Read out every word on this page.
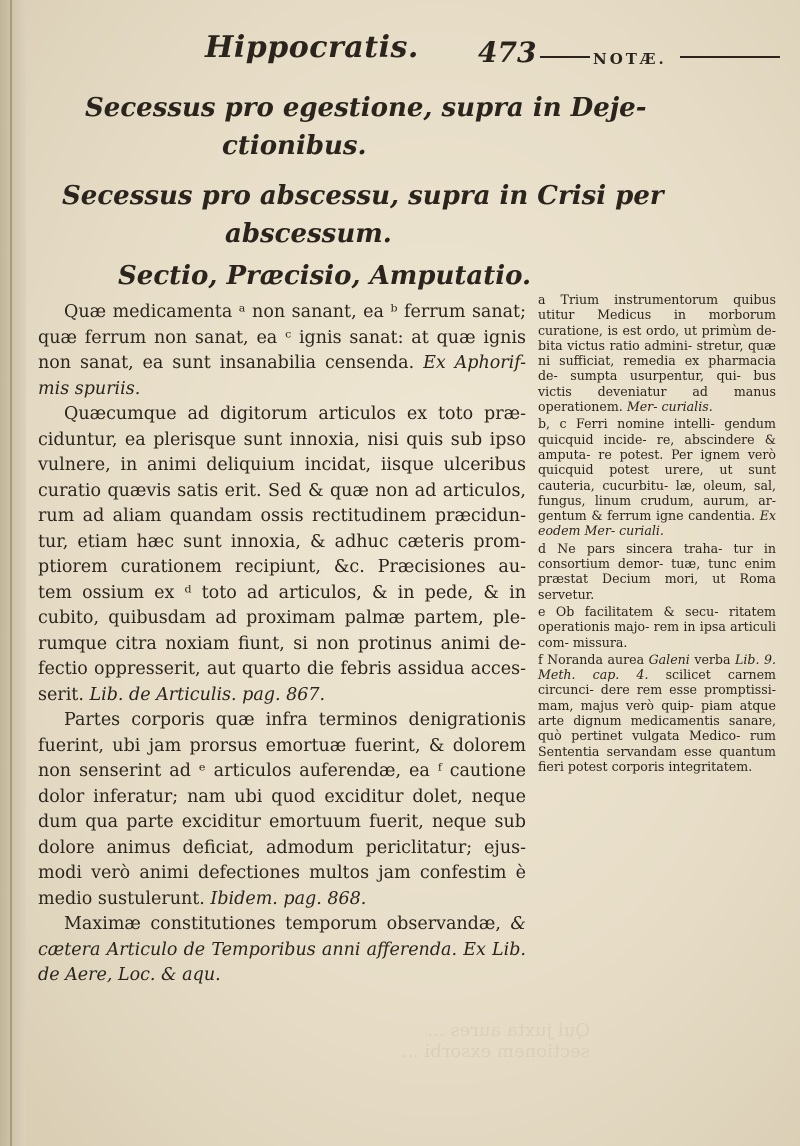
Hippocratis. 473	NOTÆ.
Secessus pro egestione, supra in Deje-
ctionibus.
Secessus pro abscessu, supra in Crisi per
abscessum.
Sectio, Præcisio, Amputatio.

Quæ medicamenta ᵃ non sanant, ea ᵇ ferrum sanat; quæ ferrum non sanat, ea ᶜ ignis sanat: at quæ ignis non sanat, ea sunt insanabilia censenda. Ex Aphorif- mis spuriis.

Quæcumque ad digitorum articulos ex toto præ- ciduntur, ea plerisque sunt innoxia, nisi quis sub ipso vulnere, in animi deliquium incidat, iisque ulceribus curatio quævis satis erit. Sed & quæ non ad articulos, rum ad aliam quandam ossis rectitudinem præcidun- tur, etiam hæc sunt innoxia, & adhuc cæteris prom- ptiorem curationem recipiunt, &c. Præcisiones au- tem ossium ex ᵈ toto ad articulos, & in pede, & in cubito, quibusdam ad proximam palmæ partem, ple- rumque citra noxiam fiunt, si non protinus animi de- fectio oppresserit, aut quarto die febris assidua acces- serit. Lib. de Articulis. pag. 867.

Partes corporis quæ infra terminos denigrationis fuerint, ubi jam prorsus emortuæ fuerint, & dolorem non senserint ad ᵉ articulos auferendæ, ea ᶠ cautione dolor inferatur; nam ubi quod exciditur dolet, neque dum qua parte exciditur emortuum fuerit, neque sub dolore animus deficiat, admodum periclitatur; ejus- modi verò animi defectiones multos jam confestim è medio sustulerunt. Ibidem. pag. 868.

Maximæ constitutiones temporum observandæ, & cætera Articulo de Temporibus anni afferenda. Ex Lib. de Aere, Loc. & aqu.

a Trium instrumentorum quibus utitur Medicus in morborum curatione, is est ordo, ut primùm de- bita victus ratio admini- stretur, quæ ni sufficiat, remedia ex pharmacia de- sumpta usurpentur, qui- bus victis deveniatur ad manus operationem. Mer- curialis.

b, c Ferri nomine intelli- gendum quicquid incide- re, abscindere & amputa- re potest. Per ignem verò quicquid potest urere, ut sunt cauteria, cucurbitu- læ, oleum, sal, fungus, linum crudum, aurum, ar- gentum & ferrum igne candentia. Ex eodem Mer- curiali.

d Ne pars sincera traha- tur in consortium demor- tuæ, tunc enim præstat Decium mori, ut Roma servetur.

e Ob facilitatem & secu- ritatem operationis majo- rem in ipsa articuli com- missura.

f Noranda aurea Galeni verba Lib. 9. Meth. cap. 4. scilicet carnem circunci- dere rem esse promptissi- mam, majus verò quip- piam atque arte dignum medicamentis sanare, quò pertinet vulgata Medico- rum Sententia servandam esse quantum fieri potest corporis integritatem.

Qui juxta aures ... sectionem exsorbi ...
